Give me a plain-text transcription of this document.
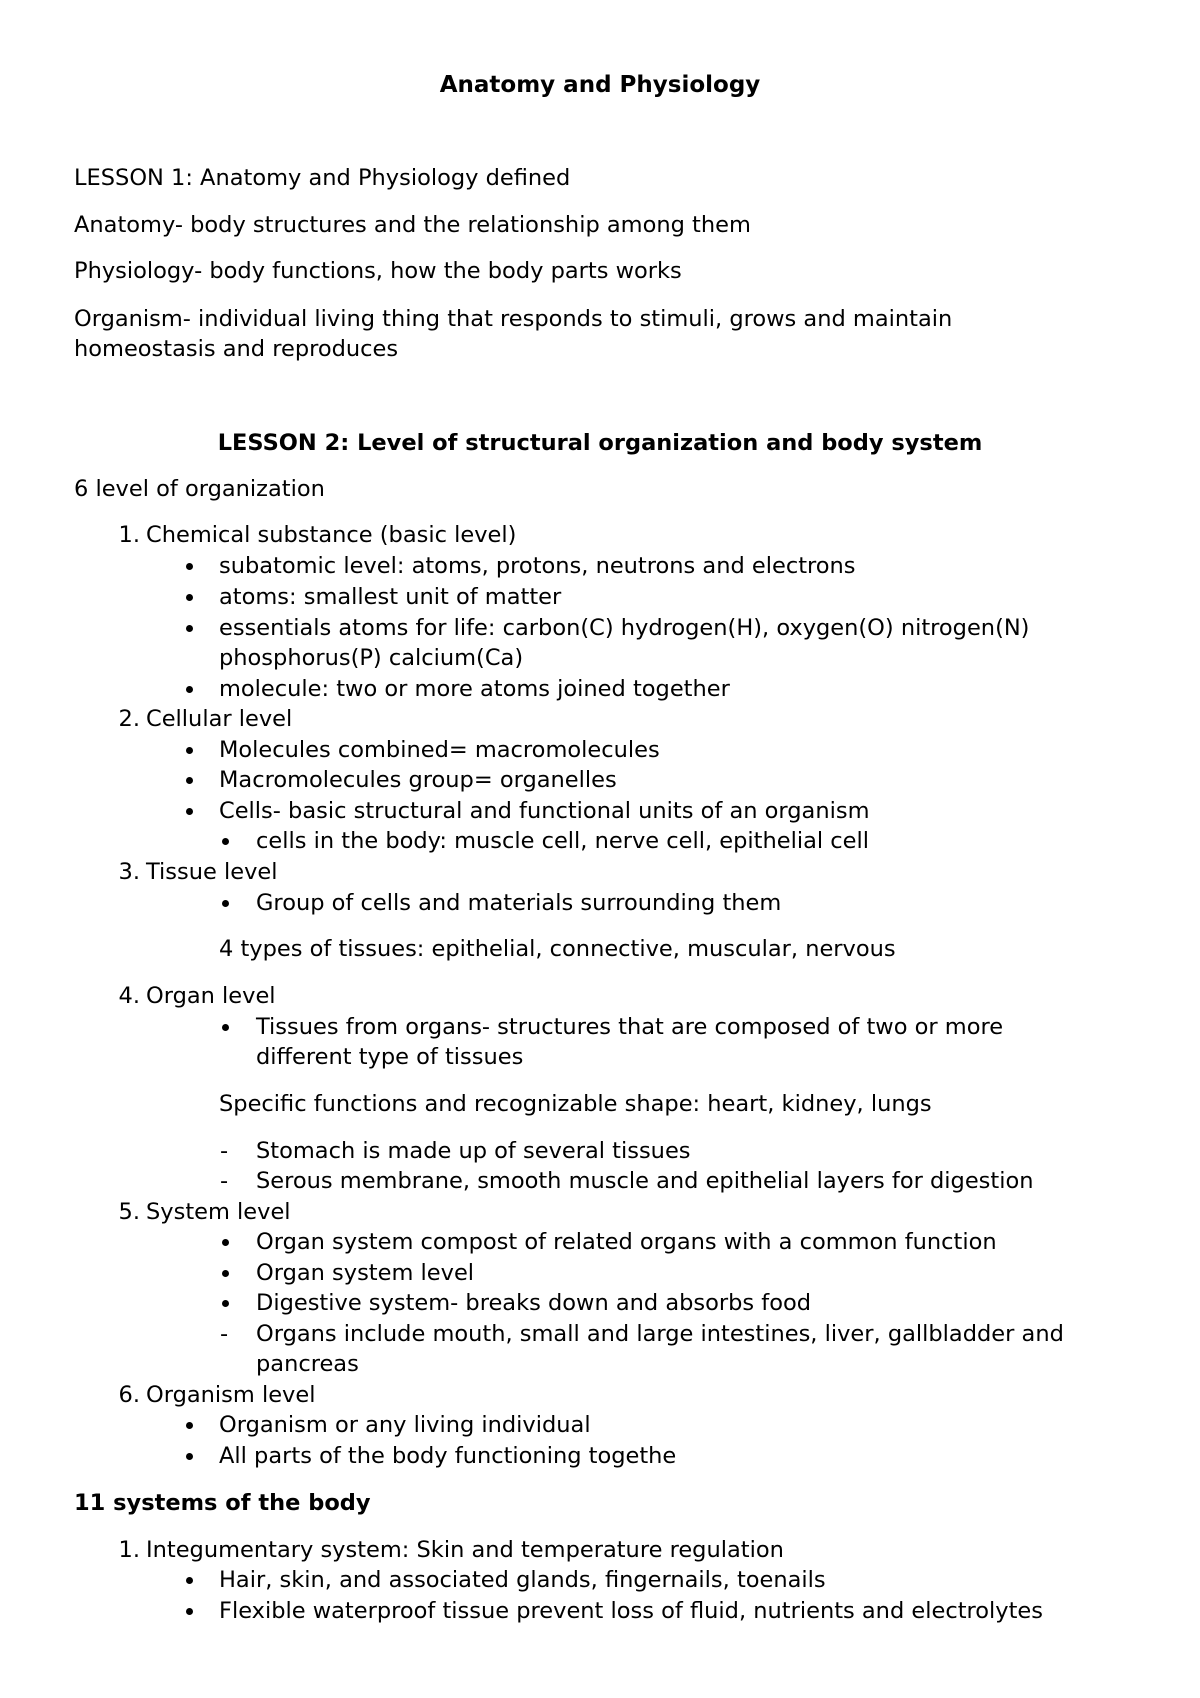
Anatomy and Physiology

LESSON 1: Anatomy and Physiology defined

Anatomy- body structures and the relationship among them

Physiology- body functions, how the body parts works

Organism- individual living thing that responds to stimuli, grows and maintain

homeostasis and reproduces

LESSON 2: Level of structural organization and body system

6 level of organization

1. Chemical substance (basic level)
subatomic level: atoms, protons, neutrons and electrons
atoms: smallest unit of matter
essentials atoms for life: carbon(C) hydrogen(H), oxygen(O) nitrogen(N)
phosphorus(P) calcium(Ca)
molecule: two or more atoms joined together
2. Cellular level
Molecules combined= macromolecules
Macromolecules group= organelles
Cells- basic structural and functional units of an organism
cells in the body: muscle cell, nerve cell, epithelial cell
3. Tissue level
Group of cells and materials surrounding them
4 types of tissues: epithelial, connective, muscular, nervous
4. Organ level
Tissues from organs- structures that are composed of two or more
different type of tissues
Specific functions and recognizable shape: heart, kidney, lungs
- Stomach is made up of several tissues
- Serous membrane, smooth muscle and epithelial layers for digestion
5. System level
Organ system compost of related organs with a common function
Organ system level
Digestive system- breaks down and absorbs food
- Organs include mouth, small and large intestines, liver, gallbladder and
pancreas
6. Organism level
Organism or any living individual
All parts of the body functioning togethe

11 systems of the body

1. Integumentary system: Skin and temperature regulation
Hair, skin, and associated glands, fingernails, toenails
Flexible waterproof tissue prevent loss of fluid, nutrients and electrolytes
